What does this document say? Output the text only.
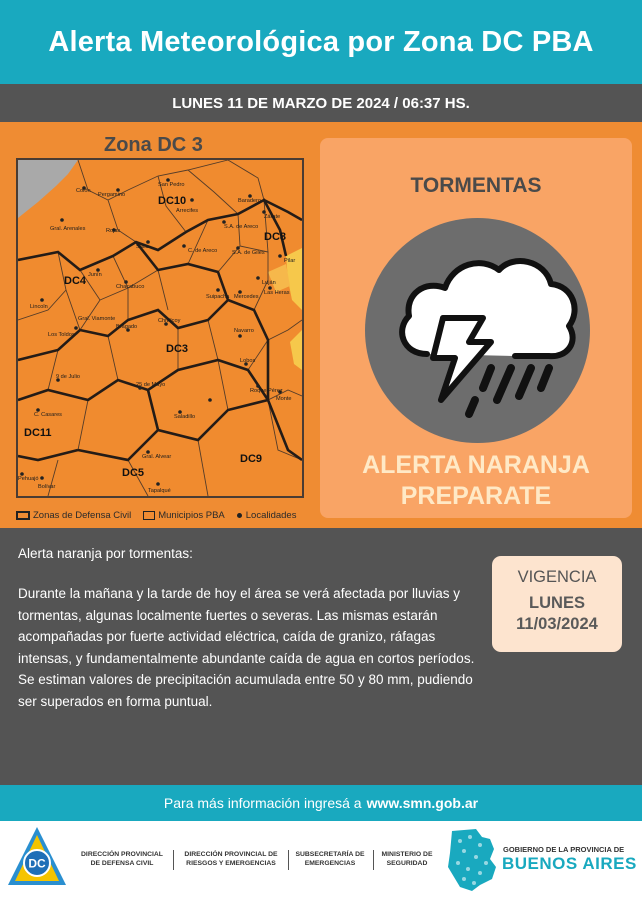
Alerta Meteorológica por Zona DC PBA
LUNES 11 DE MARZO DE 2024 / 06:37 HS.
Zona DC 3
DC10
DC8
DC4
DC3
DC11
DC5
DC9
Colón
Pergamino
San Pedro
Baradero
Arrecifes
Zárate
Gral. Arenales	Rojas
Salto
S.A. de Areco
C. de Areco	S.A. de Giles
Junín
Pilar
Chacabuco
Luján
Suipacha Mercedes
Las Heras
Lincoln
Gral. Viamonte
Los Toldos
Bragado
Chivilcoy
Navarro
Lobos
9 de Julio
25 de Mayo
Roque Pérez
Monte
Saladillo
Gral. Alvear
Tapalqué
Bolívar
C. Casares
Pehuajó
Zonas de Defensa Civil	Municipios PBA Localidades
TORMENTAS
ALERTA NARANJA
PREPARATE

Alerta naranja por tormentas:

Durante la mañana y la tarde de hoy el área se verá afectada por lluvias y tormentas, algunas localmente fuertes o severas. Las mismas estarán acompañadas por fuerte actividad eléctrica, caída de granizo, ráfagas intensas, y fundamentalmente abundante caída de agua en cortos períodos. Se estiman valores de precipitación acumulada entre 50 y 80 mm, pudiendo ser superados en forma puntual.

VIGENCIA
LUNES
11/03/2024
Para más información ingresá a www.smn.gob.ar
DC
DIRECCIÓN PROVINCIAL
DE DEFENSA CIVIL
DIRECCIÓN PROVINCIAL DE
RIESGOS Y EMERGENCIAS
SUBSECRETARÍA DE
EMERGENCIAS
MINISTERIO DE
SEGURIDAD
GOBIERNO DE LA PROVINCIA DE
BUENOS AIRES
